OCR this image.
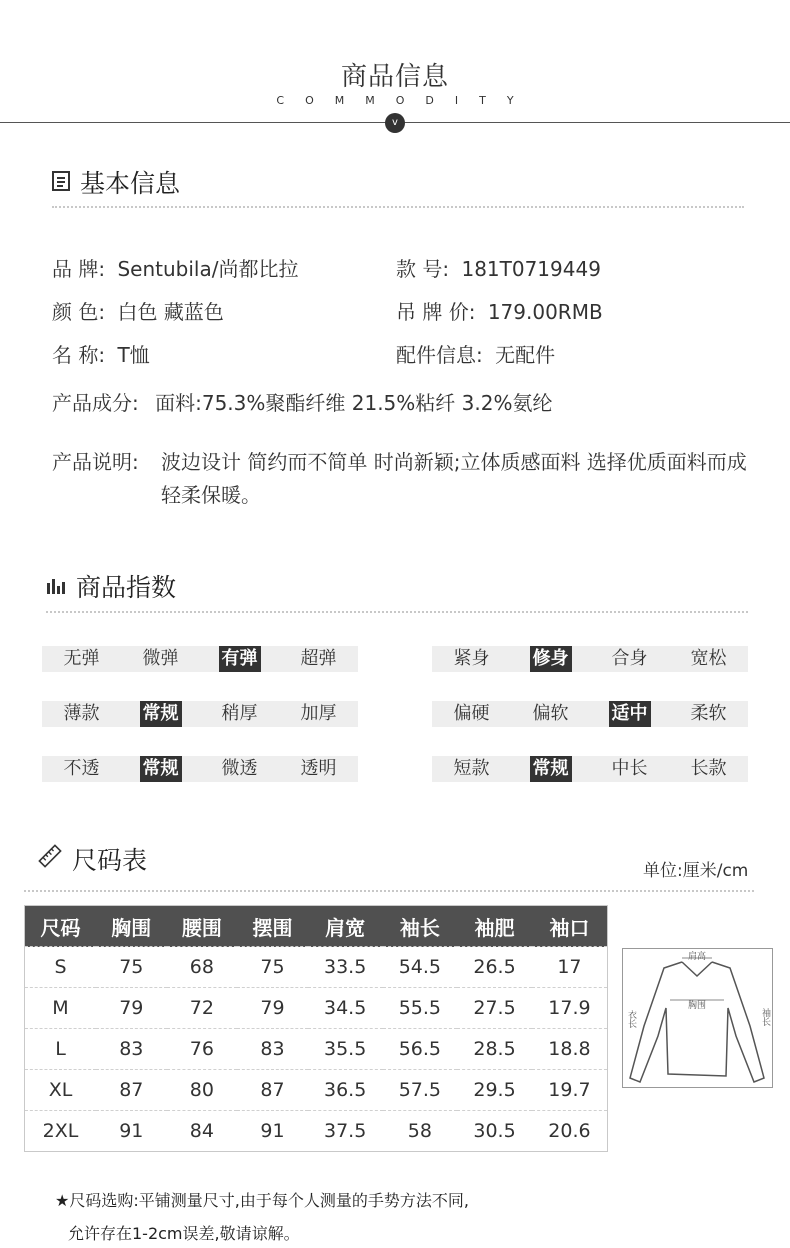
商品信息
COMMODITY
v
基本信息
品 牌: Sentubila/尚都比拉	款 号: 181T0719449
颜 色: 白色 藏蓝色	吊 牌 价: 179.00RMB
名 称: T恤	配件信息: 无配件
产品成分: 面料:75.3%聚酯纤维 21.5%粘纤 3.2%氨纶
产品说明: 波边设计 简约而不简单 时尚新颖;立体质感面料 选择优质面料而成 轻柔保暖。
商品指数
无弹 微弹 有弹 超弹	紧身 修身 合身 宽松
薄款 常规 稍厚 加厚	偏硬 偏软 适中 柔软
不透 常规 微透 透明	短款 常规 中长 长款
尺码表	单位:厘米/cm
尺码	胸围	腰围	摆围	肩宽	袖长	袖肥	袖口
S	75	68	75	33.5	54.5	26.5	17
M	79	72	79	34.5	55.5	27.5	17.9
L	83	76	83	35.5	56.5	28.5	18.8
XL	87	80	87	36.5	57.5	29.5	19.7
2XL	91	84	91	37.5	58	30.5	20.6
肩高
胸围
衣长	袖长
★尺码选购:平铺测量尺寸,由于每个人测量的手势方法不同,
允许存在1-2cm误差,敬请谅解。
